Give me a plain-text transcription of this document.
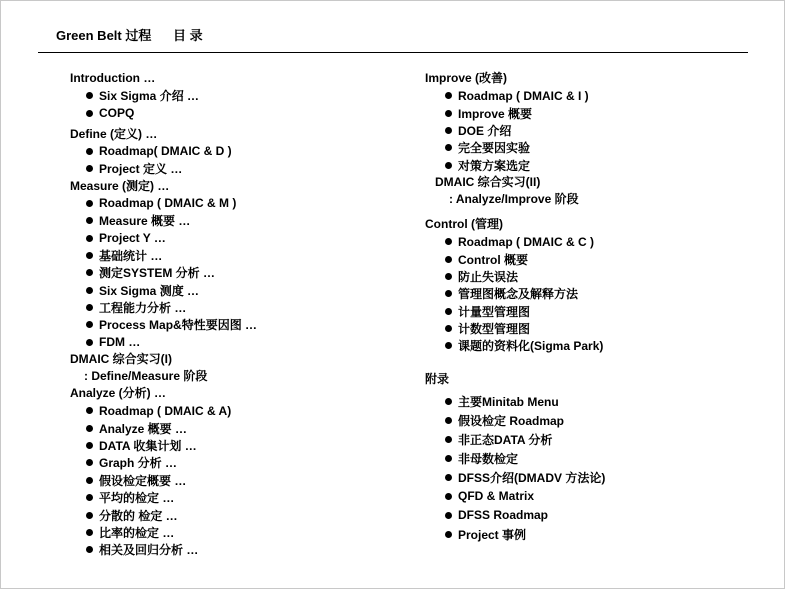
Green Belt 过程 目 录
Introduction …
Six Sigma 介绍 …
COPQ
Define (定义) …
Roadmap( DMAIC & D )
Project 定义 …
Measure (测定) …
Roadmap ( DMAIC & M )
Measure 概要 …
Project Y …
基础统计 …
测定SYSTEM 分析 …
Six Sigma 测度 …
工程能力分析 …
Process Map&特性要因图 …
FDM …
DMAIC 综合实习(I)
: Define/Measure 阶段
Analyze (分析) …
Roadmap ( DMAIC & A)
Analyze 概要 …
DATA 收集计划 …
Graph 分析 …
假设检定概要 …
平均的检定 …
分散的 检定 …
比率的检定 …
相关及回归分析 …
Improve (改善)
Roadmap ( DMAIC & I )
Improve 概要
DOE 介绍
完全要因实验
对策方案选定
DMAIC 综合实习(II)
: Analyze/Improve 阶段
Control (管理)
Roadmap ( DMAIC & C )
Control 概要
防止失误法
管理图概念及解释方法
计量型管理图
计数型管理图
课题的资料化(Sigma Park)
附录
主要Minitab Menu
假设检定 Roadmap
非正态DATA 分析
非母数检定
DFSS介绍(DMADV 方法论)
QFD & Matrix
DFSS Roadmap
Project 事例
